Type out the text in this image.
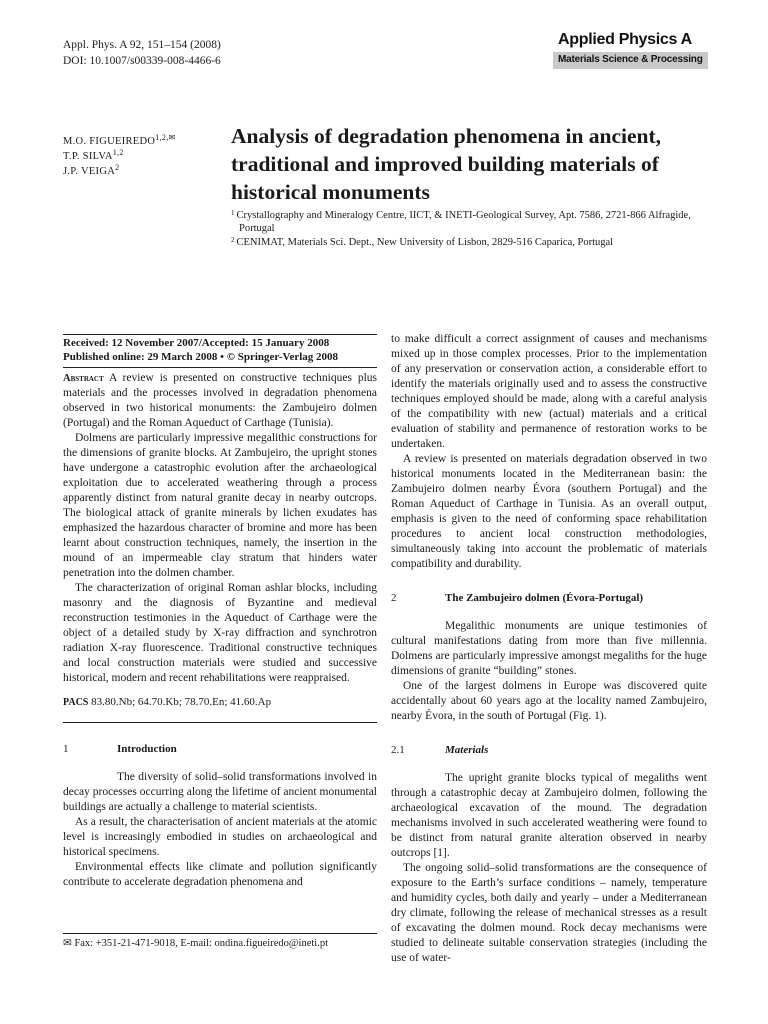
Appl. Phys. A 92, 151–154 (2008)
DOI: 10.1007/s00339-008-4466-6
Applied Physics A
Materials Science & Processing
M.O. $FIGUEIREDO^{1,2,✉}$
T.P. SILVA$^{1,2}$
J.P. VEIGA$^2$
Analysis of degradation phenomena in ancient, traditional and improved building materials of historical monuments
$^1$ Crystallography and Mineralogy Centre, IICT, & INETI-Geological Survey, Apt. 7586, 2721-866 Alfragide, Portugal
$^2$ CENIMAT, Materials Sci. Dept., New University of Lisbon, 2829-516 Caparica, Portugal
Received: 12 November 2007/Accepted: 15 January 2008
Published online: 29 March 2008 • © Springer-Verlag 2008

Abstract A review is presented on constructive techniques plus materials and the processes involved in degradation phenomena observed in two historical monuments: the Zambujeiro dolmen (Portugal) and the Roman Aqueduct of Carthage (Tunisia).

Dolmens are particularly impressive megalithic constructions for the dimensions of granite blocks. At Zambujeiro, the upright stones have undergone a catastrophic evolution after the archaeological exploitation due to accelerated weathering through a process apparently distinct from natural granite decay in nearby outcrops. The biological attack of granite minerals by lichen exudates has emphasized the hazardous character of bromine and more has been learnt about construction techniques, namely, the insertion in the mound of an impermeable clay stratum that hinders water penetration into the dolmen chamber.

The characterization of original Roman ashlar blocks, including masonry and the diagnosis of Byzantine and medieval reconstruction testimonies in the Aqueduct of Carthage were the object of a detailed study by X-ray diffraction and synchrotron radiation X-ray fluorescence. Traditional constructive techniques and local construction materials were studied and successive historical, modern and recent rehabilitations were reappraised.

PACS 83.80.Nb; 64.70.Kb; 78.70.En; 41.60.Ap
1	Introduction

The diversity of solid–solid transformations involved in decay processes occurring along the lifetime of ancient monumental buildings are actually a challenge to material scientists.

As a result, the characterisation of ancient materials at the atomic level is increasingly embodied in studies on archaeological and historical specimens.

Environmental effects like climate and pollution significantly contribute to accelerate degradation phenomena and

✉ Fax: +351-21-471-9018, E-mail: ondina.figueiredo@ineti.pt

to make difficult a correct assignment of causes and mechanisms mixed up in those complex processes. Prior to the implementation of any preservation or conservation action, a considerable effort to identify the materials originally used and to assess the constructive techniques employed should be made, along with a careful analysis of the compatibility with new (actual) materials and a critical evaluation of stability and permanence of restoration works to be undertaken.

A review is presented on materials degradation observed in two historical monuments located in the Mediterranean basin: the Zambujeiro dolmen nearby Évora (southern Portugal) and the Roman Aqueduct of Carthage in Tunisia. As an overall output, emphasis is given to the need of conforming space rehabilitation procedures to ancient local construction methodologies, simultaneously taking into account the problematic of materials compatibility and durability.

2	The Zambujeiro dolmen (Évora-Portugal)

Megalithic monuments are unique testimonies of cultural manifestations dating from more than five millennia. Dolmens are particularly impressive amongst megaliths for the huge dimensions of granite “building” stones.

One of the largest dolmens in Europe was discovered quite accidentally about 60 years ago at the locality named Zambujeiro, nearby Évora, in the south of Portugal (Fig. 1).

2.1	Materials

The upright granite blocks typical of megaliths went through a catastrophic decay at Zambujeiro dolmen, following the archaeological excavation of the mound. The degradation mechanisms involved in such accelerated weathering were found to be distinct from natural granite alteration observed in nearby outcrops [1].

The ongoing solid–solid transformations are the consequence of exposure to the Earth’s surface conditions – namely, temperature and humidity cycles, both daily and yearly – under a Mediterranean dry climate, following the release of mechanical stresses as a result of excavating the dolmen mound. Rock decay mechanisms were studied to delineate suitable conservation strategies (including the use of water-
